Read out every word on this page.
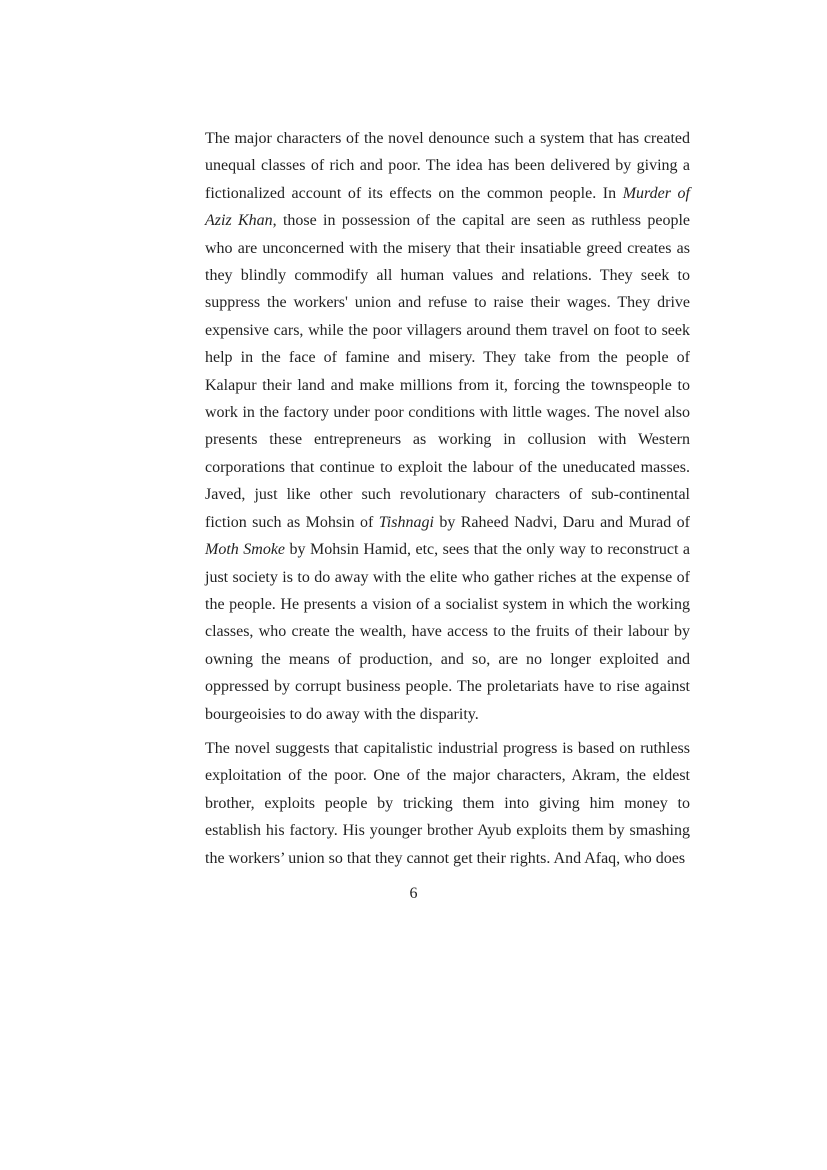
The major characters of the novel denounce such a system that has created unequal classes of rich and poor. The idea has been delivered by giving a fictionalized account of its effects on the common people. In Murder of Aziz Khan, those in possession of the capital are seen as ruthless people who are unconcerned with the misery that their insatiable greed creates as they blindly commodify all human values and relations. They seek to suppress the workers' union and refuse to raise their wages. They drive expensive cars, while the poor villagers around them travel on foot to seek help in the face of famine and misery. They take from the people of Kalapur their land and make millions from it, forcing the townspeople to work in the factory under poor conditions with little wages. The novel also presents these entrepreneurs as working in collusion with Western corporations that continue to exploit the labour of the uneducated masses. Javed, just like other such revolutionary characters of sub-continental fiction such as Mohsin of Tishnagi by Raheed Nadvi, Daru and Murad of Moth Smoke by Mohsin Hamid, etc, sees that the only way to reconstruct a just society is to do away with the elite who gather riches at the expense of the people. He presents a vision of a socialist system in which the working classes, who create the wealth, have access to the fruits of their labour by owning the means of production, and so, are no longer exploited and oppressed by corrupt business people. The proletariats have to rise against bourgeoisies to do away with the disparity.

The novel suggests that capitalistic industrial progress is based on ruthless exploitation of the poor. One of the major characters, Akram, the eldest brother, exploits people by tricking them into giving him money to establish his factory. His younger brother Ayub exploits them by smashing the workers’ union so that they cannot get their rights. And Afaq, who does

6
